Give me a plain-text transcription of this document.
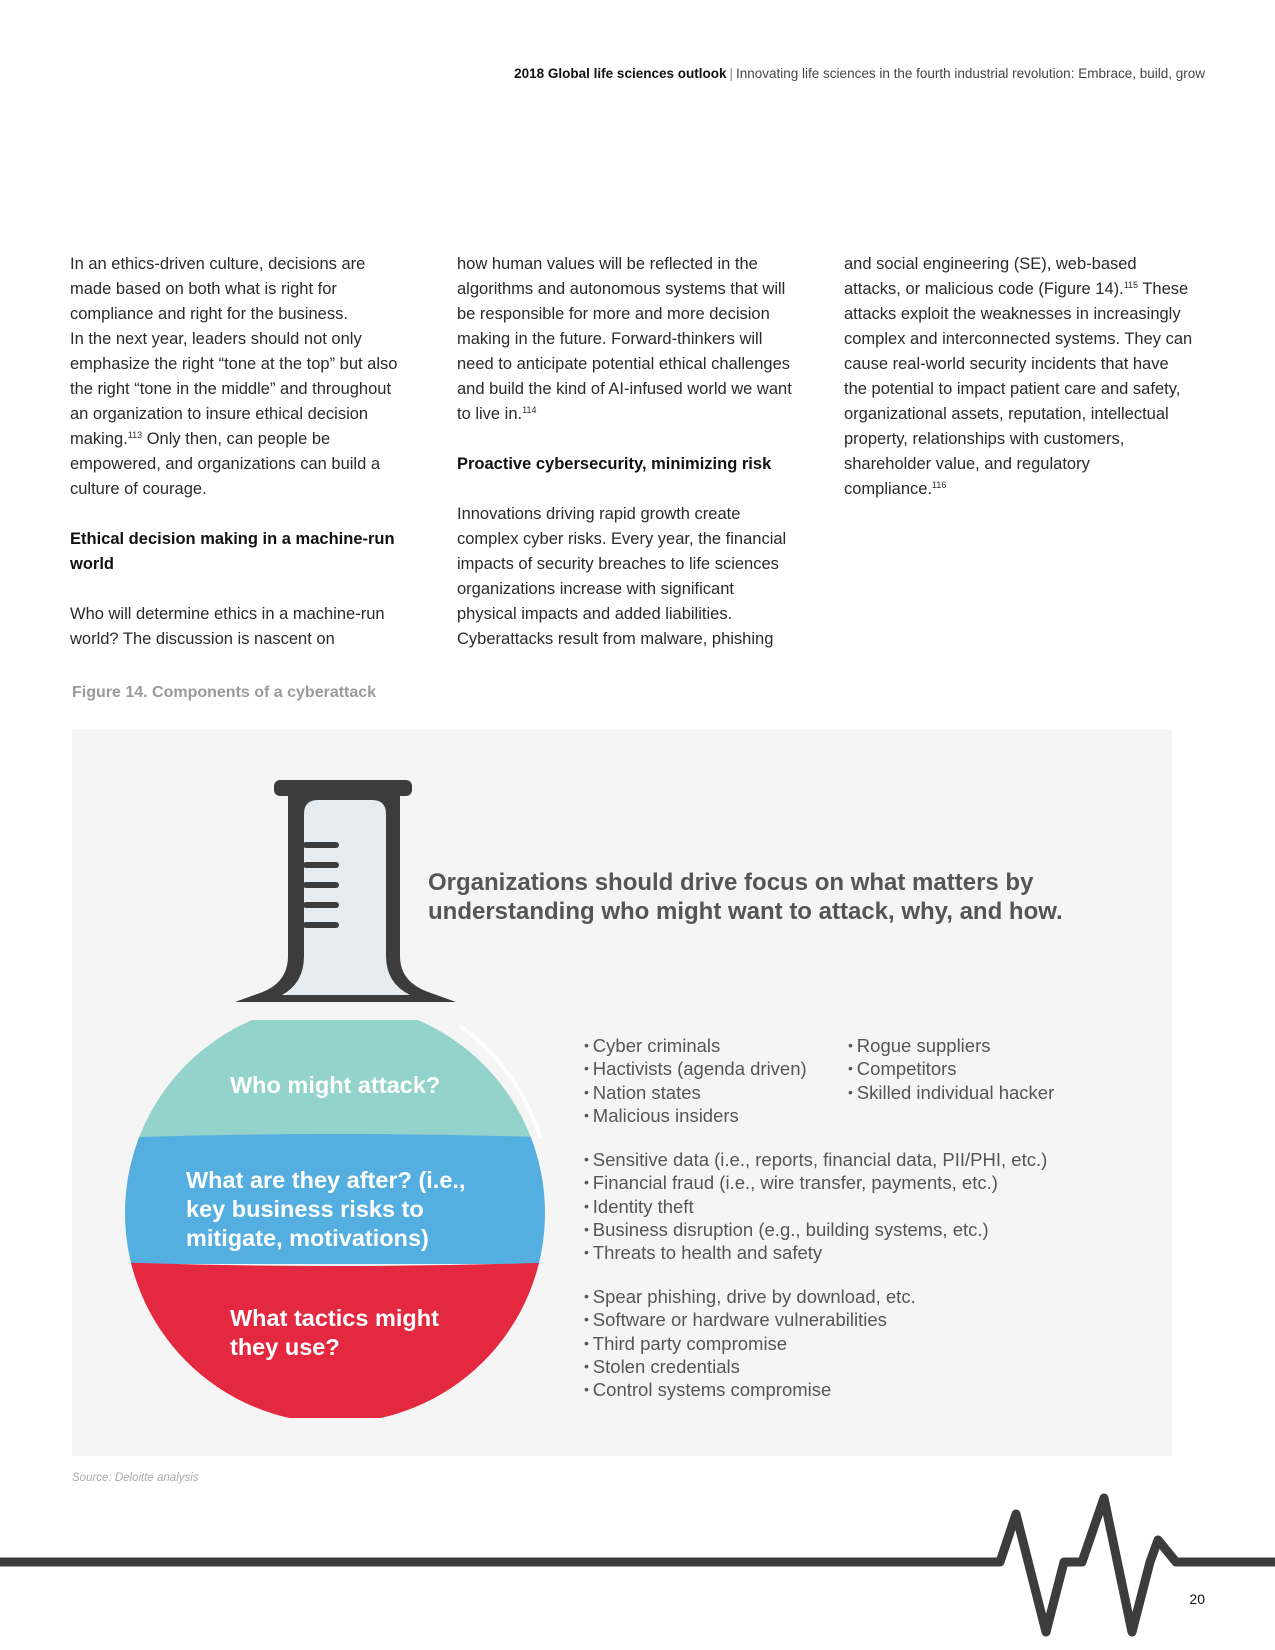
2018 Global life sciences outlook | Innovating life sciences in the fourth industrial revolution: Embrace, build, grow

In an ethics-driven culture, decisions are made based on both what is right for compliance and right for the business.

In the next year, leaders should not only emphasize the right “tone at the top” but also the right “tone in the middle” and throughout an organization to insure ethical decision making.$^{113}$ Only then, can people be empowered, and organizations can build a culture of courage.

Ethical decision making in a machine-run world

Who will determine ethics in a machine-run world? The discussion is nascent on

how human values will be reflected in the algorithms and autonomous systems that will be responsible for more and more decision making in the future. Forward-thinkers will need to anticipate potential ethical challenges and build the kind of AI-infused world we want to live in.$^{114}$

Proactive cybersecurity, minimizing risk

Innovations driving rapid growth create complex cyber risks. Every year, the financial impacts of security breaches to life sciences organizations increase with significant physical impacts and added liabilities. Cyberattacks result from malware, phishing

and social engineering (SE), web-based attacks, or malicious code (Figure 14).$^{115}$ These attacks exploit the weaknesses in increasingly complex and interconnected systems. They can cause real-world security incidents that have the potential to impact patient care and safety, organizational assets, reputation, intellectual property, relationships with customers, shareholder value, and regulatory compliance.$^{116}$

Figure 14. Components of a cyberattack
Who might attack?
What are they after? (i.e., key business risks to mitigate, motivations)
What tactics might they use?
Organizations should drive focus on what matters by understanding who might want to attack, why, and how.
• Cyber criminals
• Hactivists (agenda driven)
• Nation states
• Malicious insiders
• Rogue suppliers
• Competitors
• Skilled individual hacker
• Sensitive data (i.e., reports, financial data, PII/PHI, etc.)
• Financial fraud (i.e., wire transfer, payments, etc.)
• Identity theft
• Business disruption (e.g., building systems, etc.)
• Threats to health and safety
• Spear phishing, drive by download, etc.
• Software or hardware vulnerabilities
• Third party compromise
• Stolen credentials
• Control systems compromise
Source: Deloitte analysis
20
